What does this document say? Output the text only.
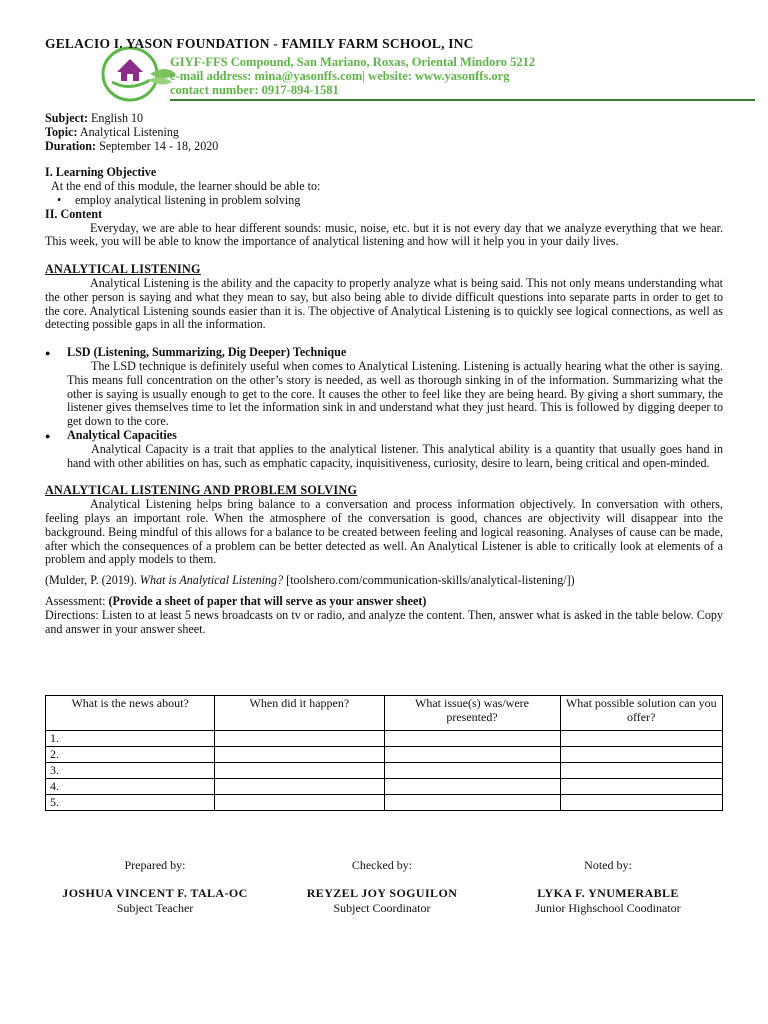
GELACIO I. YASON FOUNDATION - FAMILY FARM SCHOOL, INC
GIYF-FFS Compound, San Mariano, Roxas, Oriental Mindoro 5212
e-mail address: mina@yasonffs.com| website: www.yasonffs.org
contact number: 0917-894-1581
Subject: English 10
Topic: Analytical Listening
Duration: September 14 - 18, 2020

I. Learning Objective

At the end of this module, the learner should be able to:

• employ analytical listening in problem solving

II. Content

Everyday, we are able to hear different sounds: music, noise, etc. but it is not every day that we analyze everything that we hear. This week, you will be able to know the importance of analytical listening and how will it help you in your daily lives.

ANALYTICAL LISTENING

Analytical Listening is the ability and the capacity to properly analyze what is being said. This not only means understanding what the other person is saying and what they mean to say, but also being able to divide difficult questions into separate parts in order to get to the core. Analytical Listening sounds easier than it is. The objective of Analytical Listening is to quickly see logical connections, as well as detecting possible gaps in all the information.

● LSD (Listening, Summarizing, Dig Deeper) Technique

The LSD technique is definitely useful when comes to Analytical Listening. Listening is actually hearing what the other is saying. This means full concentration on the other’s story is needed, as well as thorough sinking in of the information. Summarizing what the other is saying is usually enough to get to the core. It causes the other to feel like they are being heard. By giving a short summary, the listener gives themselves time to let the information sink in and understand what they just heard. This is followed by digging deeper to get down to the core.

● Analytical Capacities

Analytical Capacity is a trait that applies to the analytical listener. This analytical ability is a quantity that usually goes hand in hand with other abilities on has, such as emphatic capacity, inquisitiveness, curiosity, desire to learn, being critical and open-minded.

ANALYTICAL LISTENING AND PROBLEM SOLVING

Analytical Listening helps bring balance to a conversation and process information objectively. In conversation with others, feeling plays an important role. When the atmosphere of the conversation is good, chances are objectivity will disappear into the background. Being mindful of this allows for a balance to be created between feeling and logical reasoning. Analyses of cause can be made, after which the consequences of a problem can be better detected as well. An Analytical Listener is able to critically look at elements of a problem and apply models to them.

(Mulder, P. (2019). What is Analytical Listening? [toolshero.com/communication-skills/analytical-listening/])

Assessment: (Provide a sheet of paper that will serve as your answer sheet)

Directions: Listen to at least 5 news broadcasts on tv or radio, and analyze the content. Then, answer what is asked in the table below. Copy and answer in your answer sheet.

What is the news about?	When did it happen?	What issue(s) was/were presented?	What possible solution can you offer?
1.			
2.			
3.			
4.			
5.			
Prepared by:
JOSHUA VINCENT F. TALA-OC
Subject Teacher
Checked by:
REYZEL JOY SOGUILON
Subject Coordinator
Noted by:
LYKA F. YNUMERABLE
Junior Highschool Coodinator
